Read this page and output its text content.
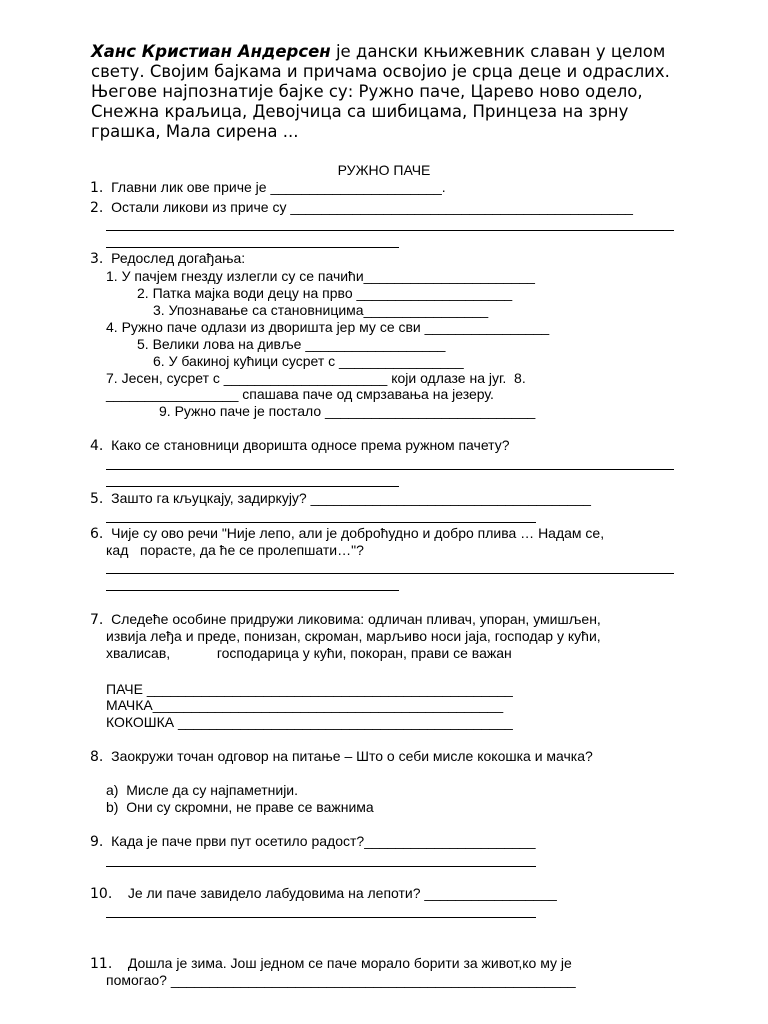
Ханс Кристиан Андерсен је дански књижевник славан у целом свету. Својим бајкама и причама освојио је срца деце и одраслих. Његове најпознатије бајке су: Ружно паче, Царево ново одело, Снежна краљица, Девојчица са шибицама, Принцеза на зрну грашка, Мала сирена ...
РУЖНО ПАЧЕ
1. Главни лик ове приче је ______________________.
2. Остали ликови из приче су ____________________________________________
3. Редослед догађања:
1. У пачјем гнезду излегли су се пачићи______________________
2. Патка мајка води децу на прво ____________________
3. Упознавање са становницима________________
4. Ружно паче одлази из дворишта јер му се сви ________________
5. Велики лова на дивље __________________
6. У бакиној кућици сусрет с ________________
7. Јесен, сусрет с _____________________ који одлазе на југ.  8.
_________________ спашава паче од смрзавања на језеру.
9. Ружно паче је постало ___________________________
4. Како се становници дворишта односе према ружном пачету?
5. Зашто га кљуцкају, задиркују? ____________________________________
6. Чије су ово речи "Није лепо, али је доброћудно и добро плива … Надам се,
кад   порасте, да ће се пролепшати…"?
7. Следеће особине придружи ликовима: одличан пливач, упоран, умишљен,
извија леђа и преде, понизан, скроман, марљиво носи јаја, господар у кући,
хвалисав,            господарица у кући, покоран, прави се важан
ПАЧЕ _______________________________________________
МАЧКА_____________________________________________
КОКОШКА ___________________________________________
8. Заокружи точан одговор на питање – Што о себи мисле кокошка и мачка?
a)  Мисле да су најпаметнији.
b)  Они су скромни, не праве се важнима
9. Када је паче први пут осетило радост?______________________
10. Је ли паче завидело лабудовима на лепоти? _________________
11. Дошла је зима. Још једном се паче морало борити за живот,ко му је
помогао? ____________________________________________________
